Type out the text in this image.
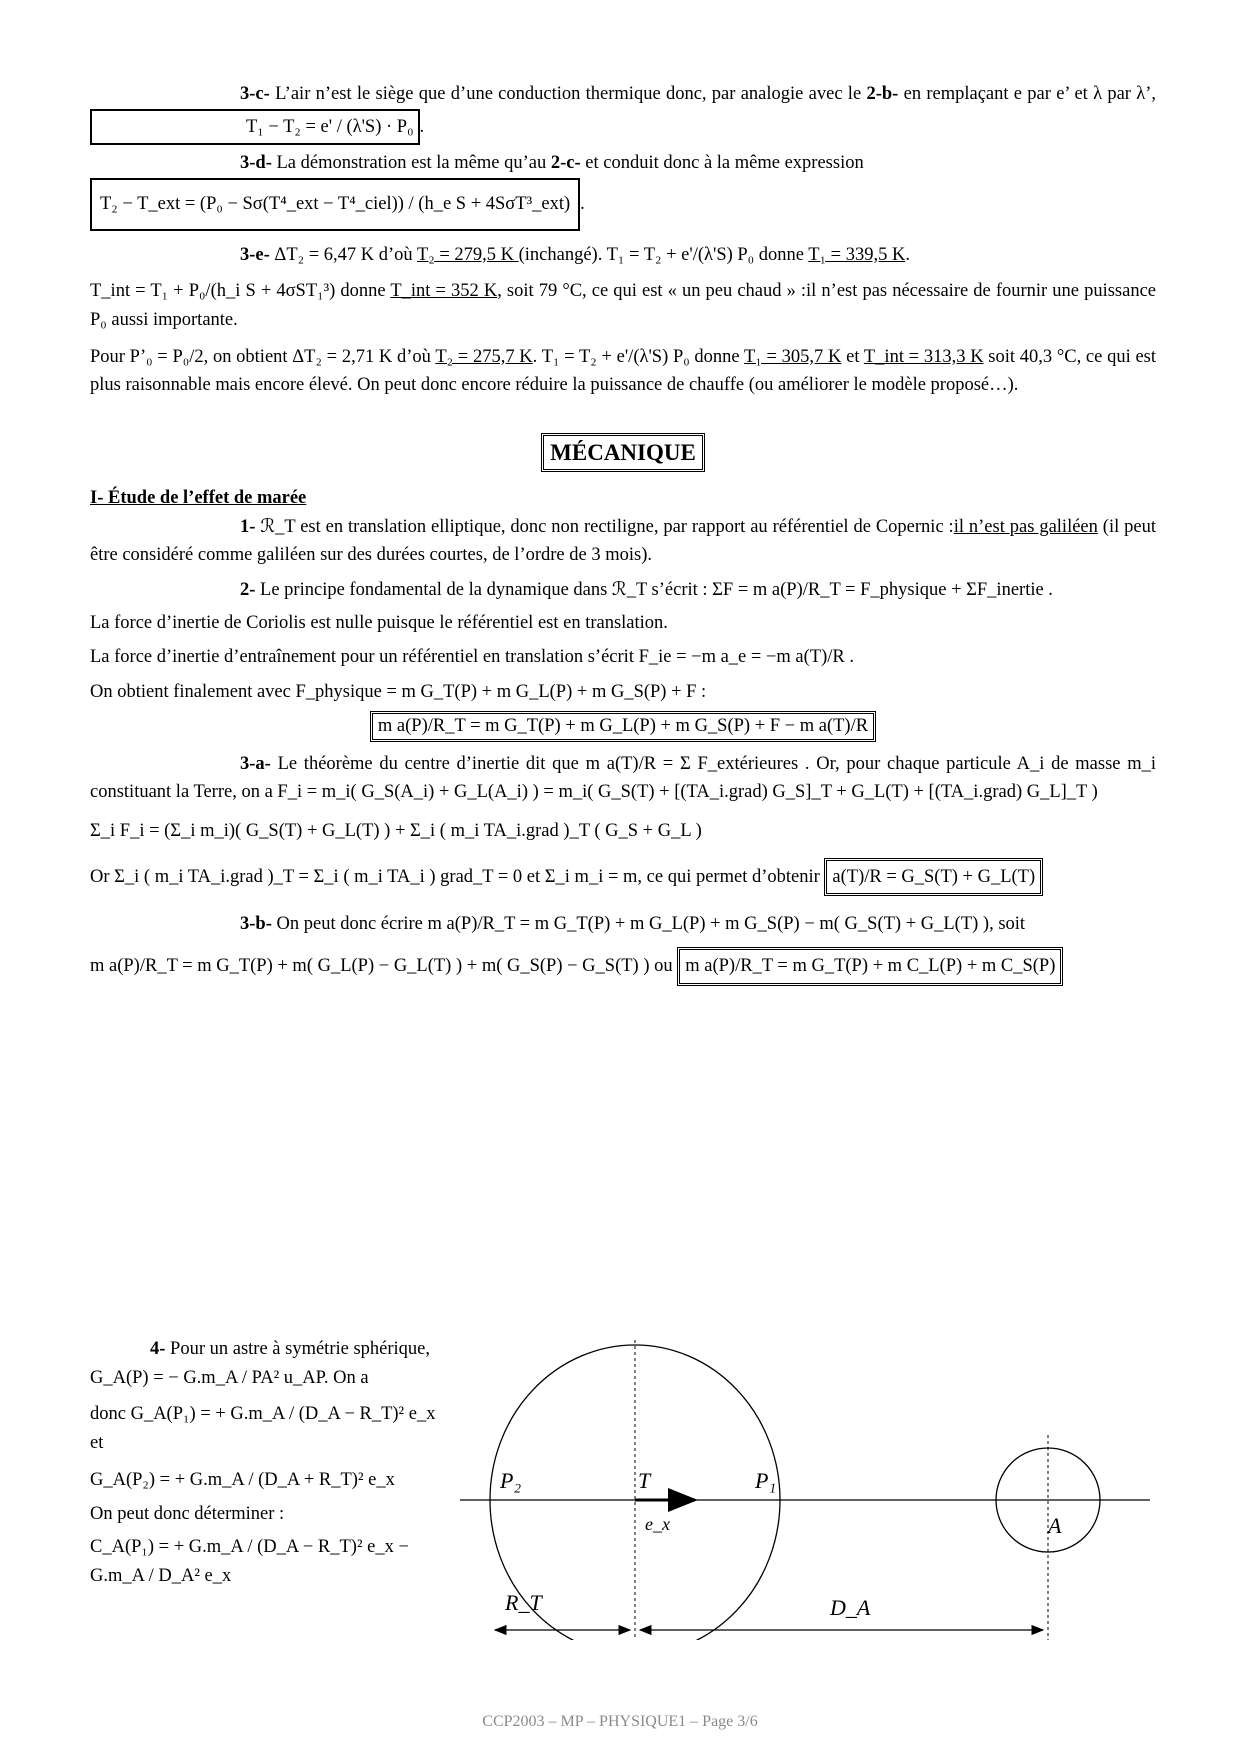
3-c- L’air n’est le siège que d’une conduction thermique donc, par analogie avec le 2-b- en remplaçant e par e’ et λ par λ’, T₁ − T₂ = e' / (λ'S) · P₀ .

3-d- La démonstration est la même qu’au 2-c- et conduit donc à la même expression

T₂ − T_ext = (P₀ − Sσ(T⁴_ext − T⁴_ciel)) / (h_e S + 4SσT³_ext) .

3-e- ΔT₂ = 6,47 K d’où T₂ = 279,5 K (inchangé). T₁ = T₂ + e'/(λ'S) P₀ donne T₁ = 339,5 K.

T_int = T₁ + P₀/(h_i S + 4σST₁³) donne T_int = 352 K, soit 79 °C, ce qui est « un peu chaud » :il n’est pas nécessaire de fournir une puissance P₀ aussi importante.

Pour P’₀ = P₀/2, on obtient ΔT₂ = 2,71 K d’où T₂ = 275,7 K. T₁ = T₂ + e'/(λ'S) P₀ donne T₁ = 305,7 K et T_int = 313,3 K soit 40,3 °C, ce qui est plus raisonnable mais encore élevé. On peut donc encore réduire la puissance de chauffe (ou améliorer le modèle proposé…).

MÉCANIQUE

I- Étude de l’effet de marée

1- ℛ_T est en translation elliptique, donc non rectiligne, par rapport au référentiel de Copernic :il n’est pas galiléen (il peut être considéré comme galiléen sur des durées courtes, de l’ordre de 3 mois).

2- Le principe fondamental de la dynamique dans ℛ_T s’écrit : ΣF = m a(P)/R_T = F_physique + ΣF_inertie .

La force d’inertie de Coriolis est nulle puisque le référentiel est en translation.

La force d’inertie d’entraînement pour un référentiel en translation s’écrit F_ie = −m a_e = −m a(T)/R .

On obtient finalement avec F_physique = m G_T(P) + m G_L(P) + m G_S(P) + F :

m a(P)/R_T = m G_T(P) + m G_L(P) + m G_S(P) + F − m a(T)/R

3-a- Le théorème du centre d’inertie dit que m a(T)/R = Σ F_extérieures . Or, pour chaque particule A_i de masse m_i constituant la Terre, on a F_i = m_i( G_S(A_i) + G_L(A_i) ) = m_i( G_S(T) + [(TA_i.grad) G_S]_T + G_L(T) + [(TA_i.grad) G_L]_T )

Σ_i F_i = (Σ_i m_i)( G_S(T) + G_L(T) ) + Σ_i ( m_i TA_i.grad )_T ( G_S + G_L )

Or Σ_i ( m_i TA_i.grad )_T = Σ_i ( m_i TA_i ) grad_T = 0 et Σ_i m_i = m, ce qui permet d’obtenir a(T)/R = G_S(T) + G_L(T)

3-b- On peut donc écrire m a(P)/R_T = m G_T(P) + m G_L(P) + m G_S(P) − m( G_S(T) + G_L(T) ), soit

m a(P)/R_T = m G_T(P) + m( G_L(P) − G_L(T) ) + m( G_S(P) − G_S(T) ) ou m a(P)/R_T = m G_T(P) + m C_L(P) + m C_S(P)

4- Pour un astre à symétrie sphérique, G_A(P) = − G.m_A / PA² u_AP. On a

donc G_A(P₁) = + G.m_A / (D_A − R_T)² e_x et

G_A(P₂) = + G.m_A / (D_A + R_T)² e_x

On peut donc déterminer :

C_A(P₁) = + G.m_A / (D_A − R_T)² e_x − G.m_A / D_A² e_x

P₂	T	P₁
A
e_x
R_T	D_A
CCP2003 – MP – PHYSIQUE1 – Page 3/6
